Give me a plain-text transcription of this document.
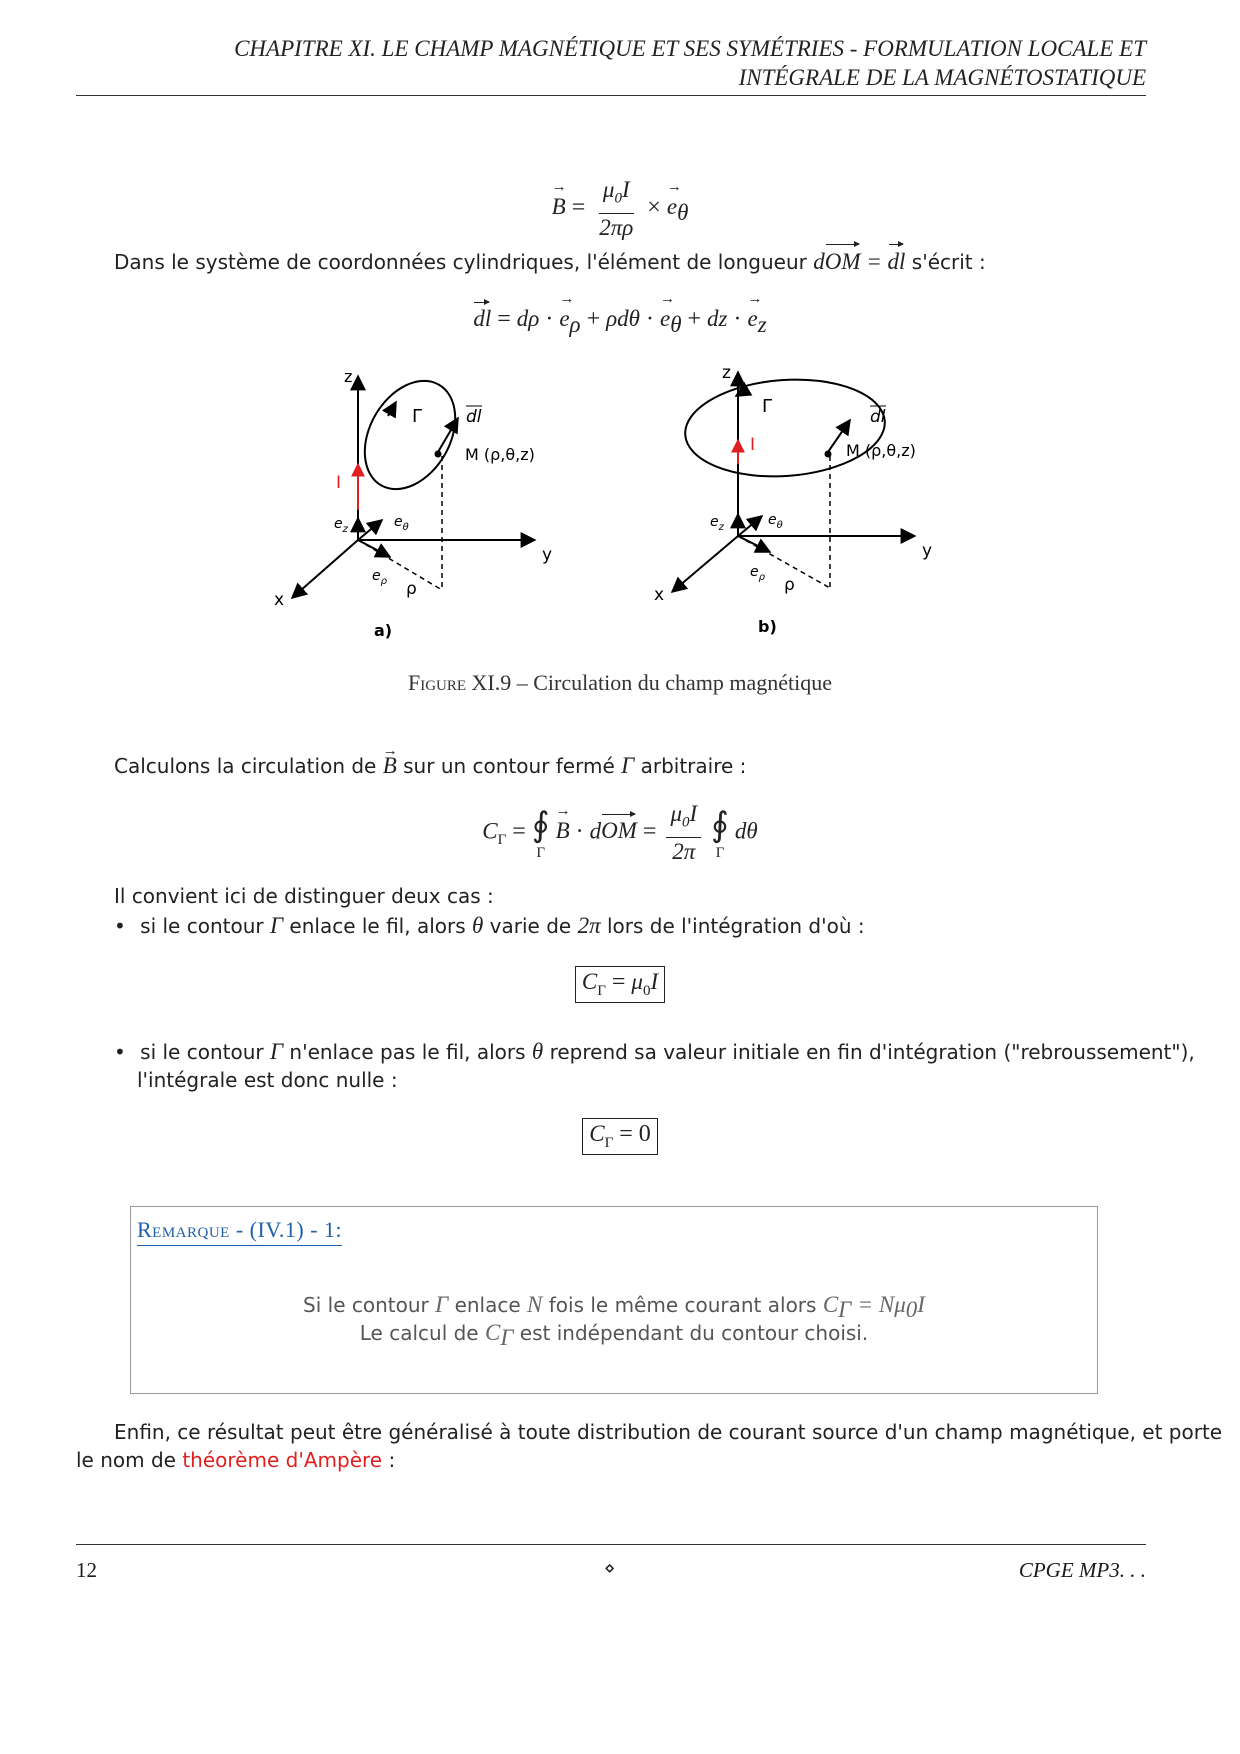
CHAPITRE XI. LE CHAMP MAGNÉTIQUE ET SES SYMÉTRIES - FORMULATION LOCALE ET
INTÉGRALE DE LA MAGNÉTOSTATIQUE
→ $B = \frac{\mu_0I}{2\pi\rho}$ × → $e_\theta$
Dans le système de coordonnées cylindriques, l'élément de longueur dOM = dl s'écrit :
dl = dρ · → $e_\rho + \rho d\theta$ · → $e_\theta$ + dz · → $e_z$
z
y
x
Γ
I
dl
M (ρ,θ,z)
$e_z$	$e_\theta$
$e_\rho$ ρ
a)
z
y
x
Γ
I
dl
M (ρ,θ,z)
$e_z$	$e_\theta$
$e_\rho$ ρ
b)
Figure XI.9 – Circulation du champ magnétique
Calculons la circulation de → B sur un contour fermé Γ arbitraire :
$C_\Gamma$ = ∮
Γ
→ B · dOM = $\frac{\mu_0I}{2\pi}$
∮
Γ
dθ
Il convient ici de distinguer deux cas :
• si le contour Γ enlace le fil, alors θ varie de 2π lors de l'intégration d'où :
$C_\Gamma = \mu_0I$
• si le contour Γ n'enlace pas le fil, alors θ reprend sa valeur initiale en fin d'intégration ("rebroussement"),
l'intégrale est donc nulle :
$C_\Gamma = 0$
Remarque - (IV.1) - 1:
Si le contour Γ enlace N fois le même courant alors $C_\Gamma = N\mu_0I$
Le calcul de $C_\Gamma$ est indépendant du contour choisi.
Enfin, ce résultat peut être généralisé à toute distribution de courant source d'un champ magnétique, et porte
le nom de théorème d'Ampère :
12	⋄	CPGE MP3. . .
